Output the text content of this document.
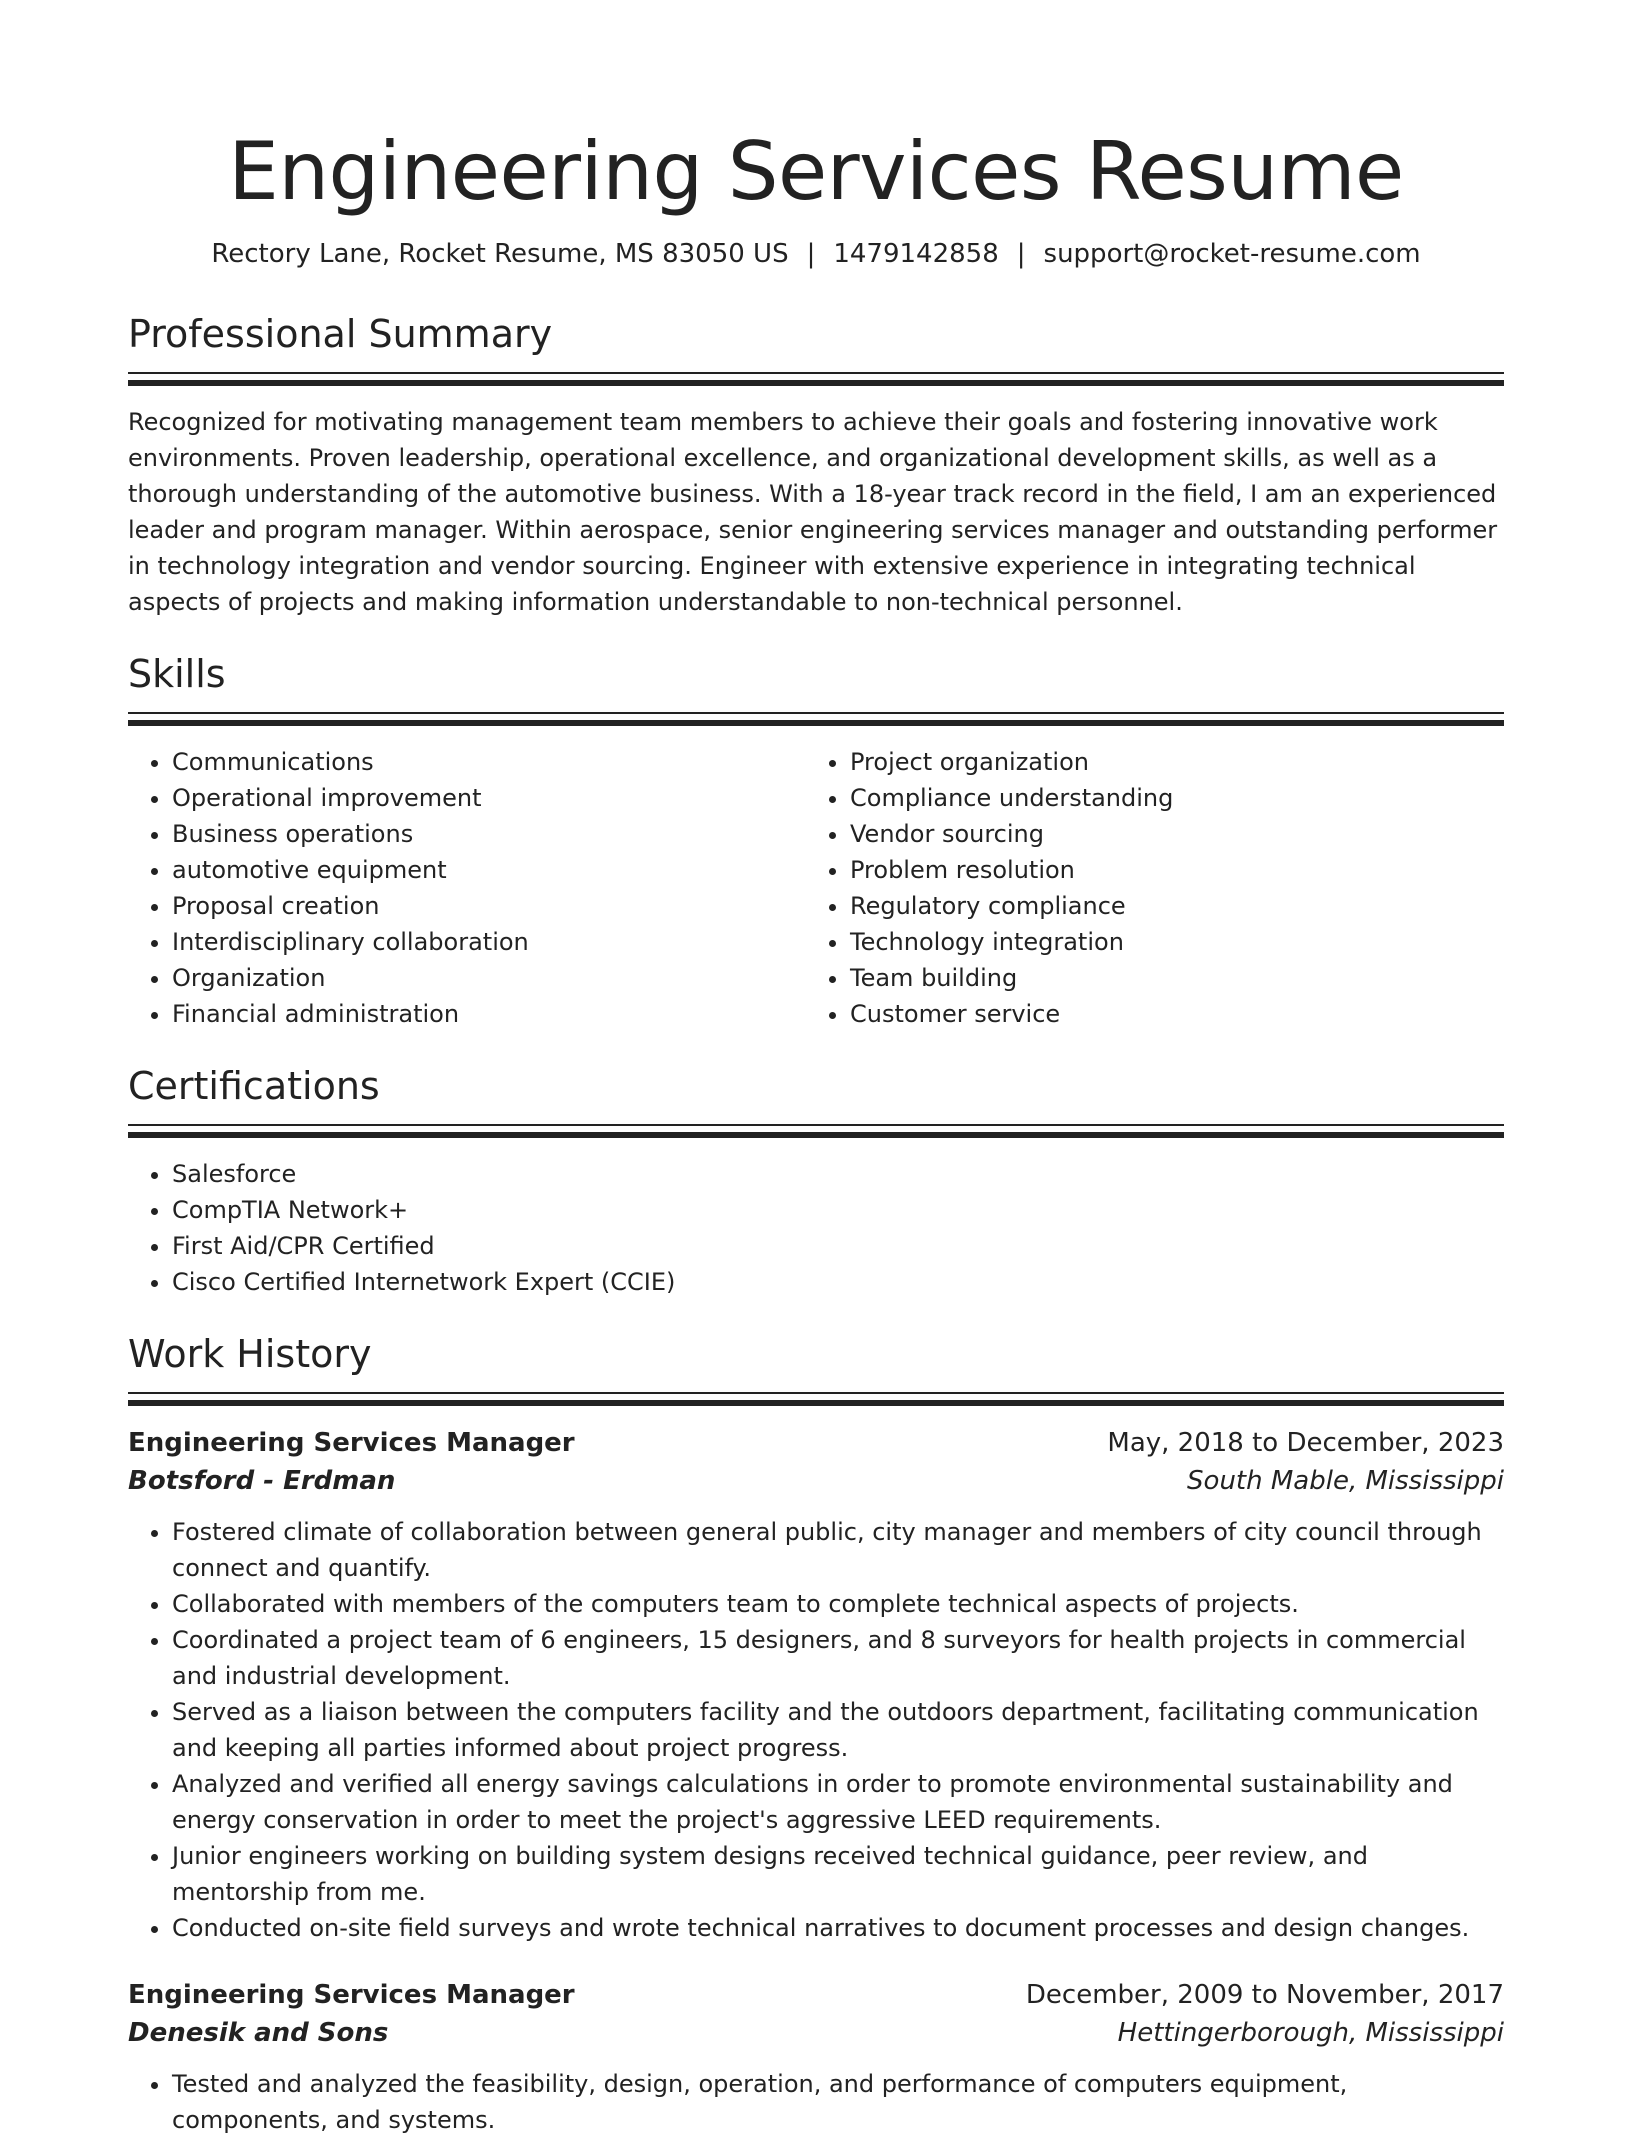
Engineering Services Resume
Rectory Lane, Rocket Resume, MS 83050 US | 1479142858 | support@rocket-resume.com
Professional Summary

Recognized for motivating management team members to achieve their goals and fostering innovative work environments. Proven leadership, operational excellence, and organizational development skills, as well as a thorough understanding of the automotive business. With a 18-year track record in the field, I am an experienced leader and program manager. Within aerospace, senior engineering services manager and outstanding performer in technology integration and vendor sourcing. Engineer with extensive experience in integrating technical aspects of projects and making information understandable to non-technical personnel.

Skills
• Communications
• Operational improvement
• Business operations
• automotive equipment
• Proposal creation
• Interdisciplinary collaboration
• Organization
• Financial administration
• Project organization
• Compliance understanding
• Vendor sourcing
• Problem resolution
• Regulatory compliance
• Technology integration
• Team building
• Customer service
Certifications
• Salesforce
• CompTIA Network+
• First Aid/CPR Certified
• Cisco Certified Internetwork Expert (CCIE)
Work History
Engineering Services Manager	May, 2018 to December, 2023
Botsford - Erdman	South Mable, Mississippi
• Fostered climate of collaboration between general public, city manager and members of city council through connect and quantify.
• Collaborated with members of the computers team to complete technical aspects of projects.
• Coordinated a project team of 6 engineers, 15 designers, and 8 surveyors for health projects in commercial and industrial development.
• Served as a liaison between the computers facility and the outdoors department, facilitating communication and keeping all parties informed about project progress.
• Analyzed and verified all energy savings calculations in order to promote environmental sustainability and energy conservation in order to meet the project's aggressive LEED requirements.
• Junior engineers working on building system designs received technical guidance, peer review, and mentorship from me.
• Conducted on-site field surveys and wrote technical narratives to document processes and design changes.
Engineering Services Manager	December, 2009 to November, 2017
Denesik and Sons	Hettingerborough, Mississippi
• Tested and analyzed the feasibility, design, operation, and performance of computers equipment, components, and systems.
